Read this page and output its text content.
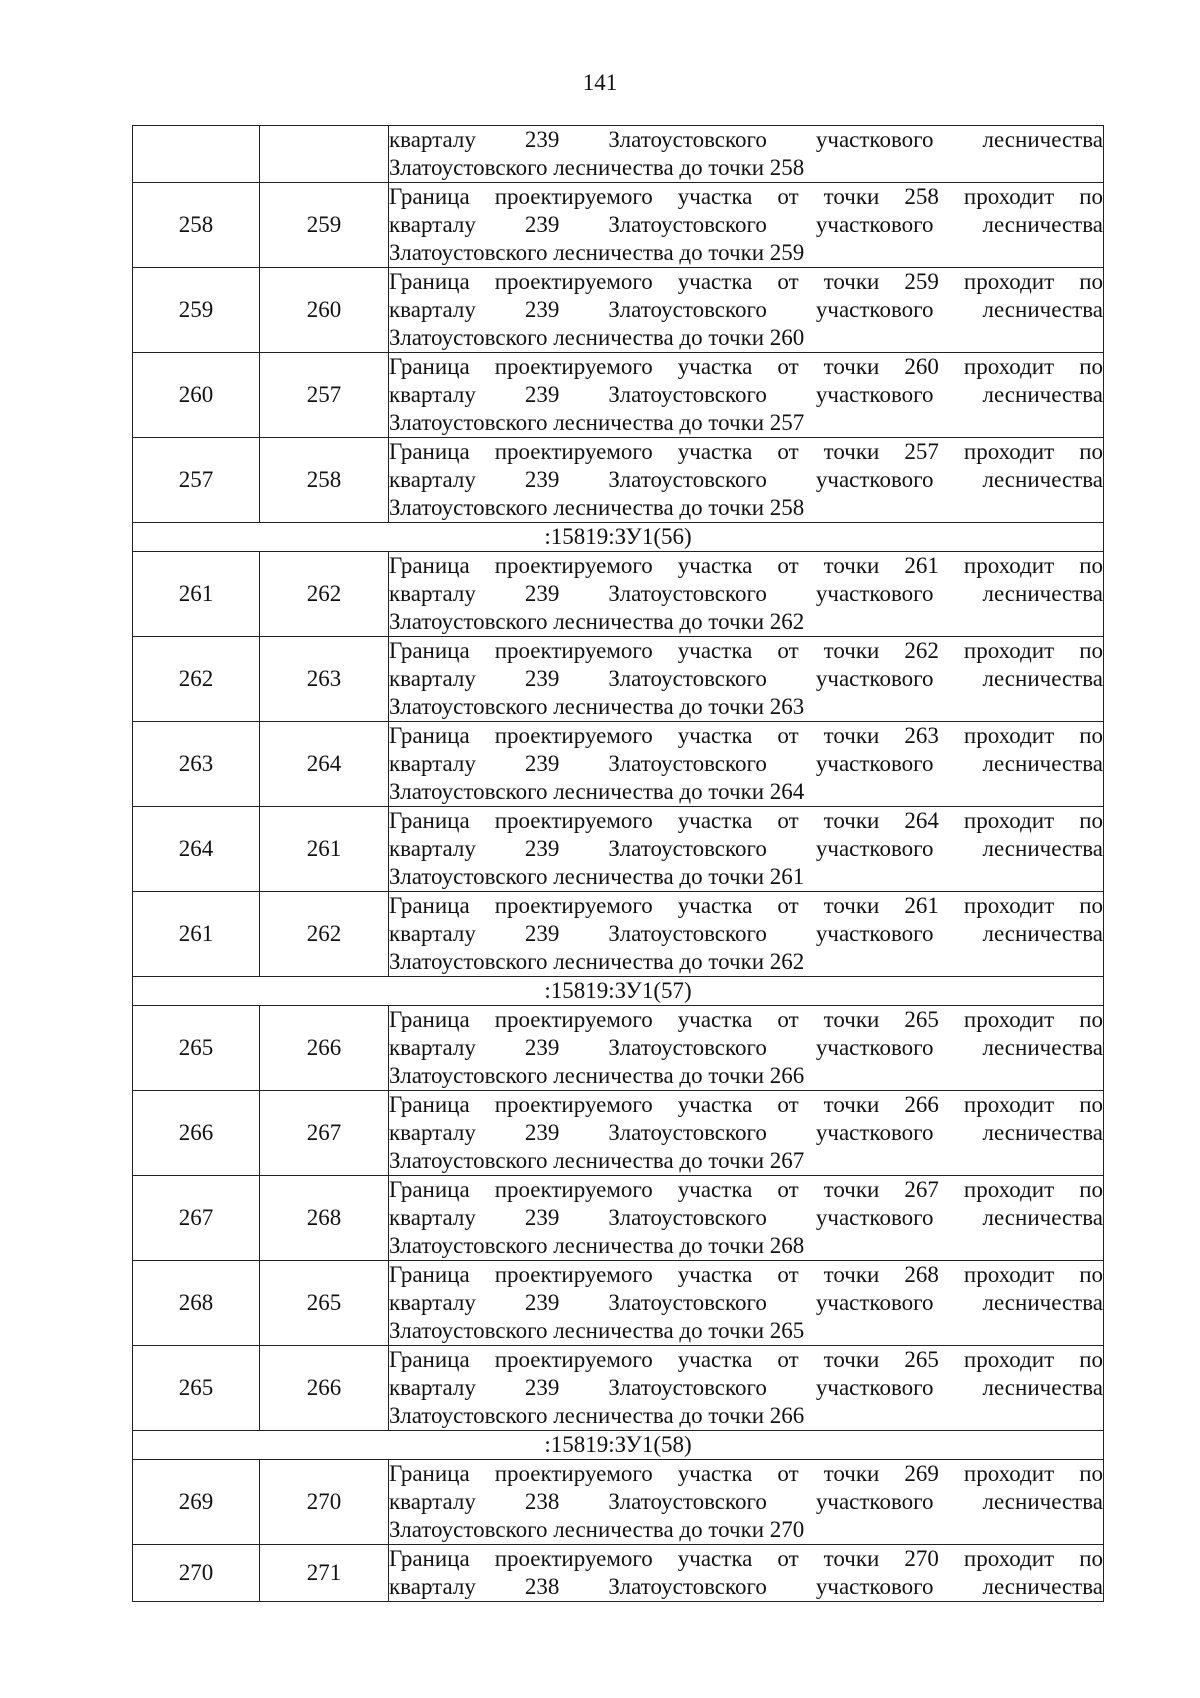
141

		кварталу 239 Златоустовского участкового лесничества
Златоустовского лесничества до точки 258

258	259	Граница проектируемого участка от точки 258 проходит по
кварталу 239 Златоустовского участкового лесничества
Златоустовского лесничества до точки 259

259	260	Граница проектируемого участка от точки 259 проходит по
кварталу 239 Златоустовского участкового лесничества
Златоустовского лесничества до точки 260

260	257	Граница проектируемого участка от точки 260 проходит по
кварталу 239 Златоустовского участкового лесничества
Златоустовского лесничества до точки 257

257	258	Граница проектируемого участка от точки 257 проходит по
кварталу 239 Златоустовского участкового лесничества
Златоустовского лесничества до точки 258

:15819:ЗУ1(56)		
261	262	Граница проектируемого участка от точки 261 проходит по
кварталу 239 Златоустовского участкового лесничества
Златоустовского лесничества до точки 262

262	263	Граница проектируемого участка от точки 262 проходит по
кварталу 239 Златоустовского участкового лесничества
Златоустовского лесничества до точки 263

263	264	Граница проектируемого участка от точки 263 проходит по
кварталу 239 Златоустовского участкового лесничества
Златоустовского лесничества до точки 264

264	261	Граница проектируемого участка от точки 264 проходит по
кварталу 239 Златоустовского участкового лесничества
Златоустовского лесничества до точки 261

261	262	Граница проектируемого участка от точки 261 проходит по
кварталу 239 Златоустовского участкового лесничества
Златоустовского лесничества до точки 262

:15819:ЗУ1(57)		
265	266	Граница проектируемого участка от точки 265 проходит по
кварталу 239 Златоустовского участкового лесничества
Златоустовского лесничества до точки 266

266	267	Граница проектируемого участка от точки 266 проходит по
кварталу 239 Златоустовского участкового лесничества
Златоустовского лесничества до точки 267

267	268	Граница проектируемого участка от точки 267 проходит по
кварталу 239 Златоустовского участкового лесничества
Златоустовского лесничества до точки 268

268	265	Граница проектируемого участка от точки 268 проходит по
кварталу 239 Златоустовского участкового лесничества
Златоустовского лесничества до точки 265

265	266	Граница проектируемого участка от точки 265 проходит по
кварталу 239 Златоустовского участкового лесничества
Златоустовского лесничества до точки 266

:15819:ЗУ1(58)		
269	270	Граница проектируемого участка от точки 269 проходит по
кварталу 238 Златоустовского участкового лесничества
Златоустовского лесничества до точки 270

270	271	Граница проектируемого участка от точки 270 проходит по
кварталу 238 Златоустовского участкового лесничества
